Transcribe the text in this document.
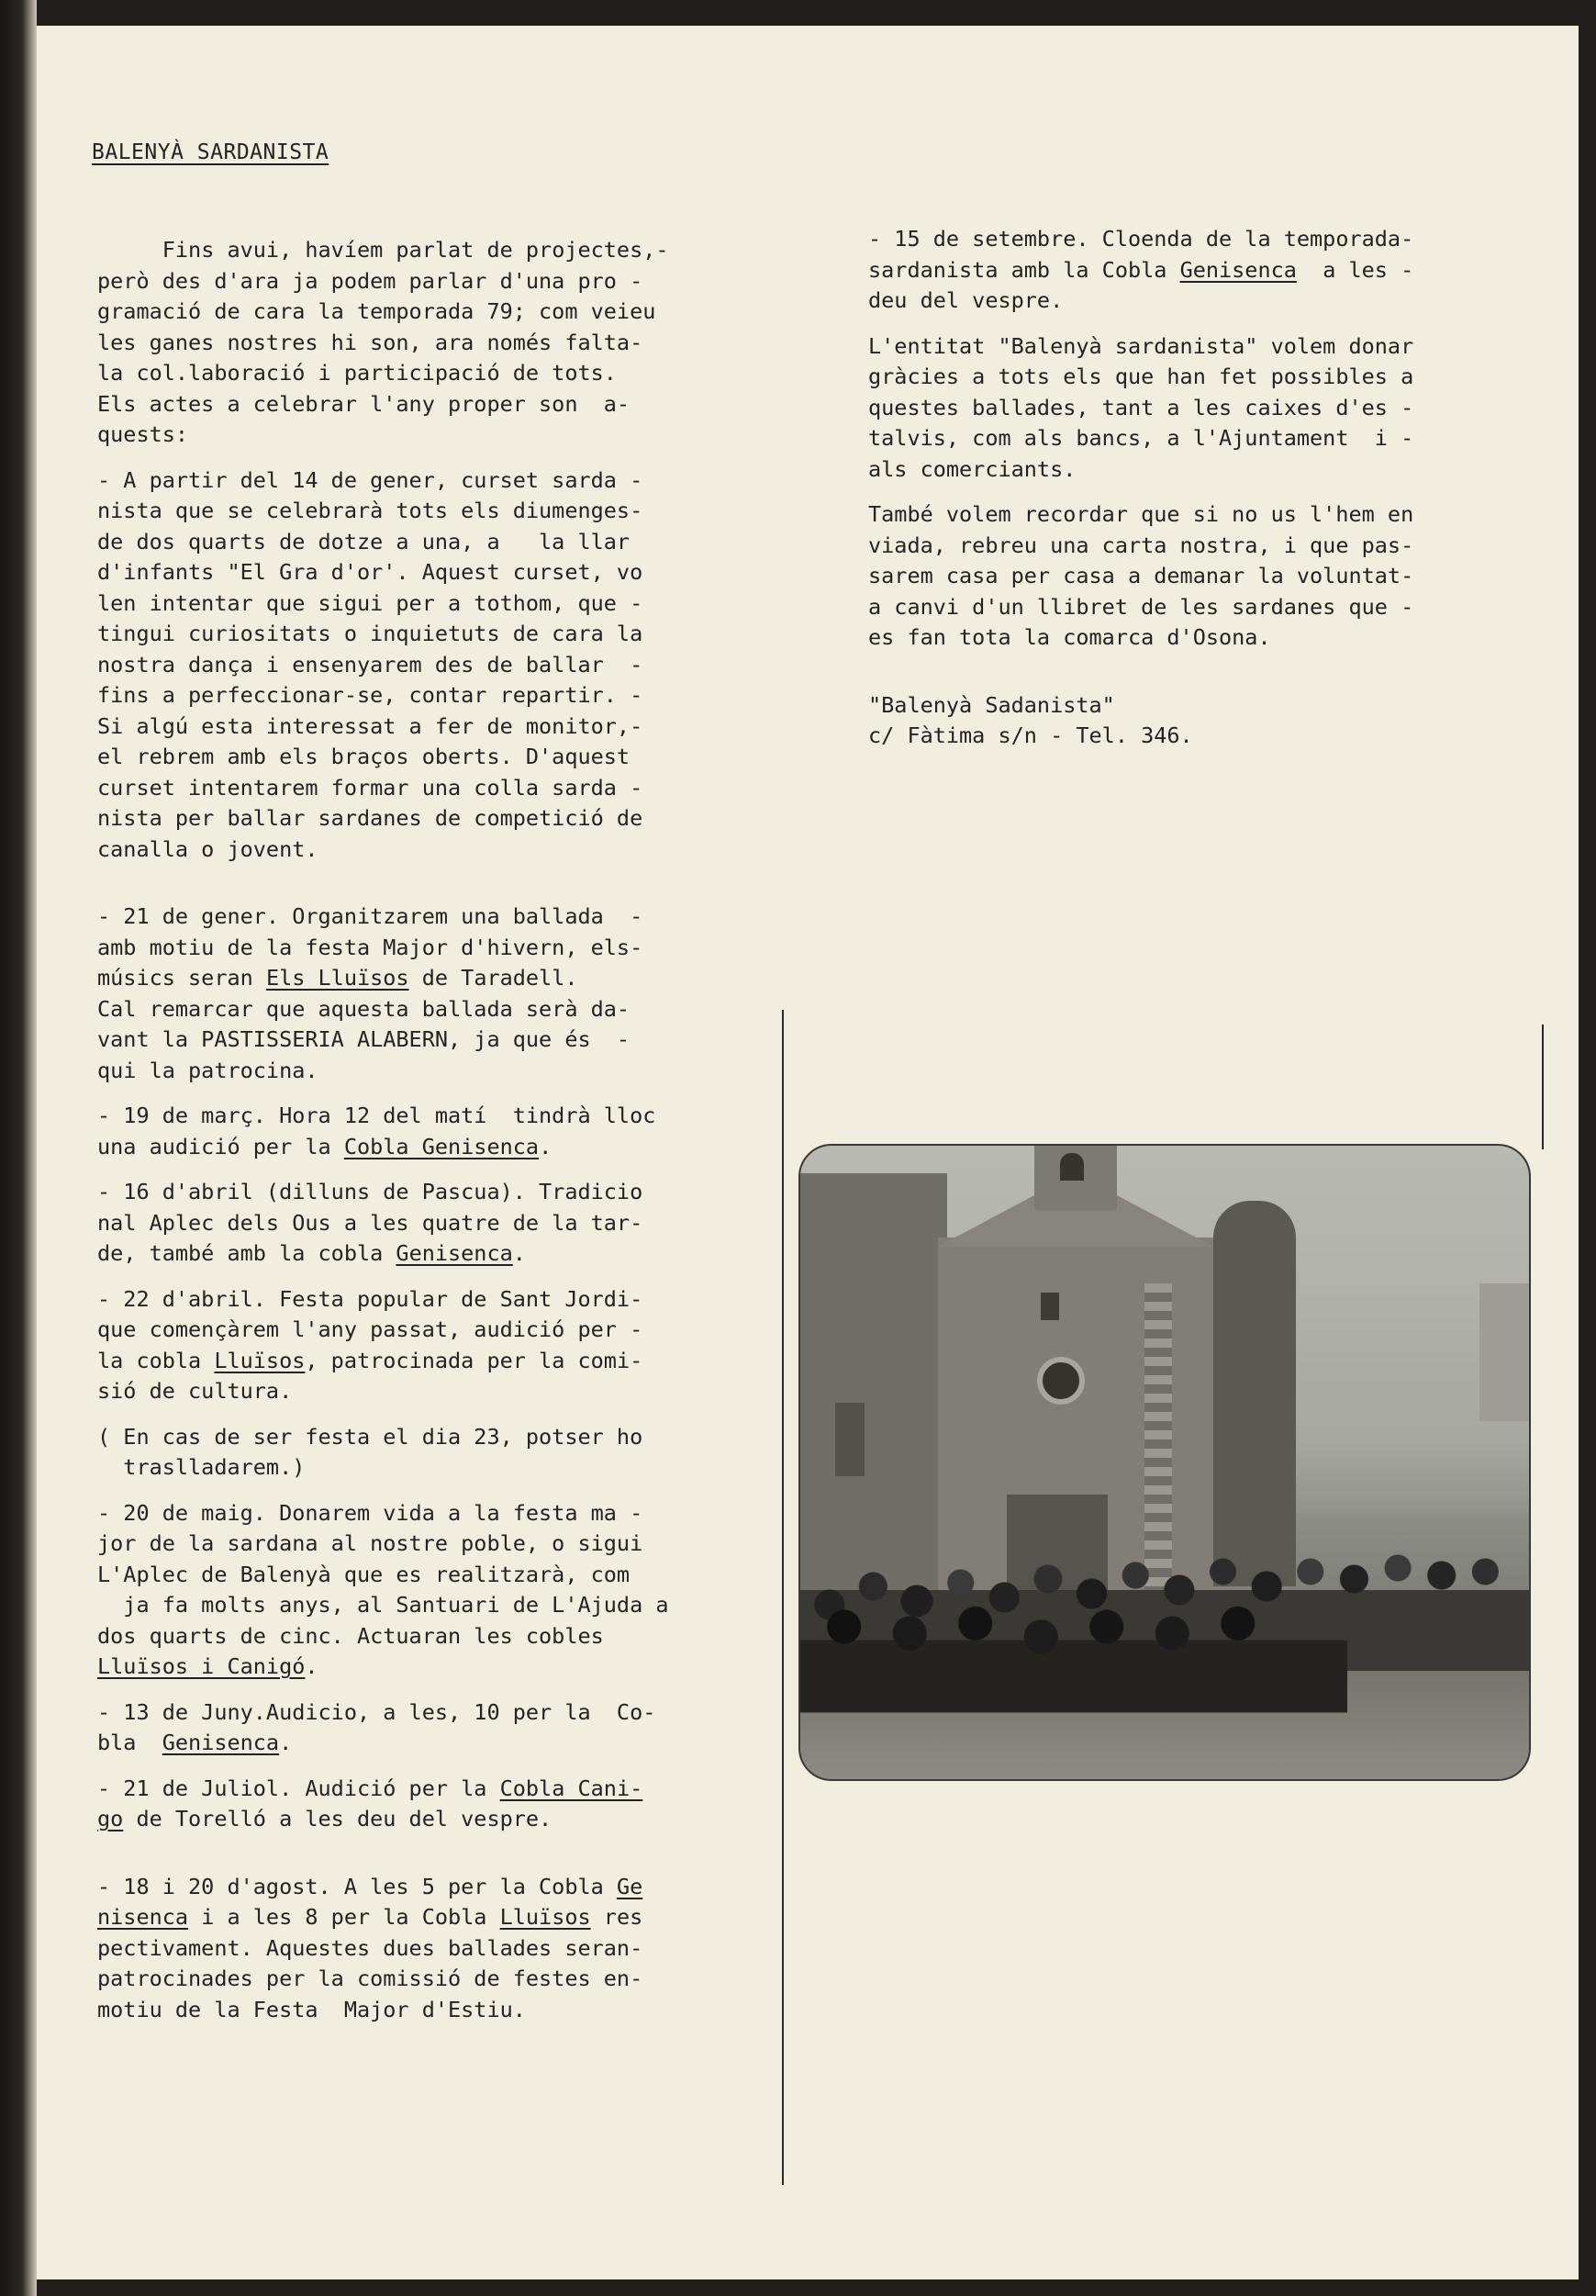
BALENYÀ SARDANISTA

Fins avui, havíem parlat de projectes,-
però des d'ara ja podem parlar d'una pro -
gramació de cara la temporada 79; com veieu
les ganes nostres hi son, ara només falta-
la col.laboració i participació de tots.
Els actes a celebrar l'any proper son  a-
quests:

- A partir del 14 de gener, curset sarda -
nista que se celebrarà tots els diumenges-
de dos quarts de dotze a una, a   la llar
d'infants "El Gra d'or'. Aquest curset, vo
len intentar que sigui per a tothom, que -
tingui curiositats o inquietuts de cara la
nostra dança i ensenyarem des de ballar  -
fins a perfeccionar-se, contar repartir. -
Si algú esta interessat a fer de monitor,-
el rebrem amb els braços oberts. D'aquest
curset intentarem formar una colla sarda -
nista per ballar sardanes de competició de
canalla o jovent.

- 21 de gener. Organitzarem una ballada  -
amb motiu de la festa Major d'hivern, els-
músics seran Els Lluïsos de Taradell.
Cal remarcar que aquesta ballada serà da-
vant la PASTISSERIA ALABERN, ja que és  -
qui la patrocina.

- 19 de març. Hora 12 del matí  tindrà lloc
una audició per la Cobla Genisenca.

- 16 d'abril (dilluns de Pascua). Tradicio
nal Aplec dels Ous a les quatre de la tar-
de, també amb la cobla Genisenca.

- 22 d'abril. Festa popular de Sant Jordi-
que començàrem l'any passat, audició per -
la cobla Lluïsos, patrocinada per la comi-
sió de cultura.

( En cas de ser festa el dia 23, potser ho
traslladarem.)

- 20 de maig. Donarem vida a la festa ma -
jor de la sardana al nostre poble, o sigui
L'Aplec de Balenyà que es realitzarà, com
ja fa molts anys, al Santuari de L'Ajuda a
dos quarts de cinc. Actuaran les cobles
Lluïsos i Canigó.

- 13 de Juny.Audicio, a les, 10 per la  Co-
bla  Genisenca.

- 21 de Juliol. Audició per la Cobla Cani-
go de Torelló a les deu del vespre.

- 18 i 20 d'agost. A les 5 per la Cobla Ge
nisenca i a les 8 per la Cobla Lluïsos res
pectivament. Aquestes dues ballades seran-
patrocinades per la comissió de festes en-
motiu de la Festa  Major d'Estiu.

- 15 de setembre. Cloenda de la temporada-
sardanista amb la Cobla Genisenca  a les -
deu del vespre.

L'entitat "Balenyà sardanista" volem donar
gràcies a tots els que han fet possibles a
questes ballades, tant a les caixes d'es -
talvis, com als bancs, a l'Ajuntament  i -
als comerciants.

També volem recordar que si no us l'hem en
viada, rebreu una carta nostra, i que pas-
sarem casa per casa a demanar la voluntat-
a canvi d'un llibret de les sardanes que -
es fan tota la comarca d'Osona.

"Balenyà Sadanista"
c/ Fàtima s/n - Tel. 346.
